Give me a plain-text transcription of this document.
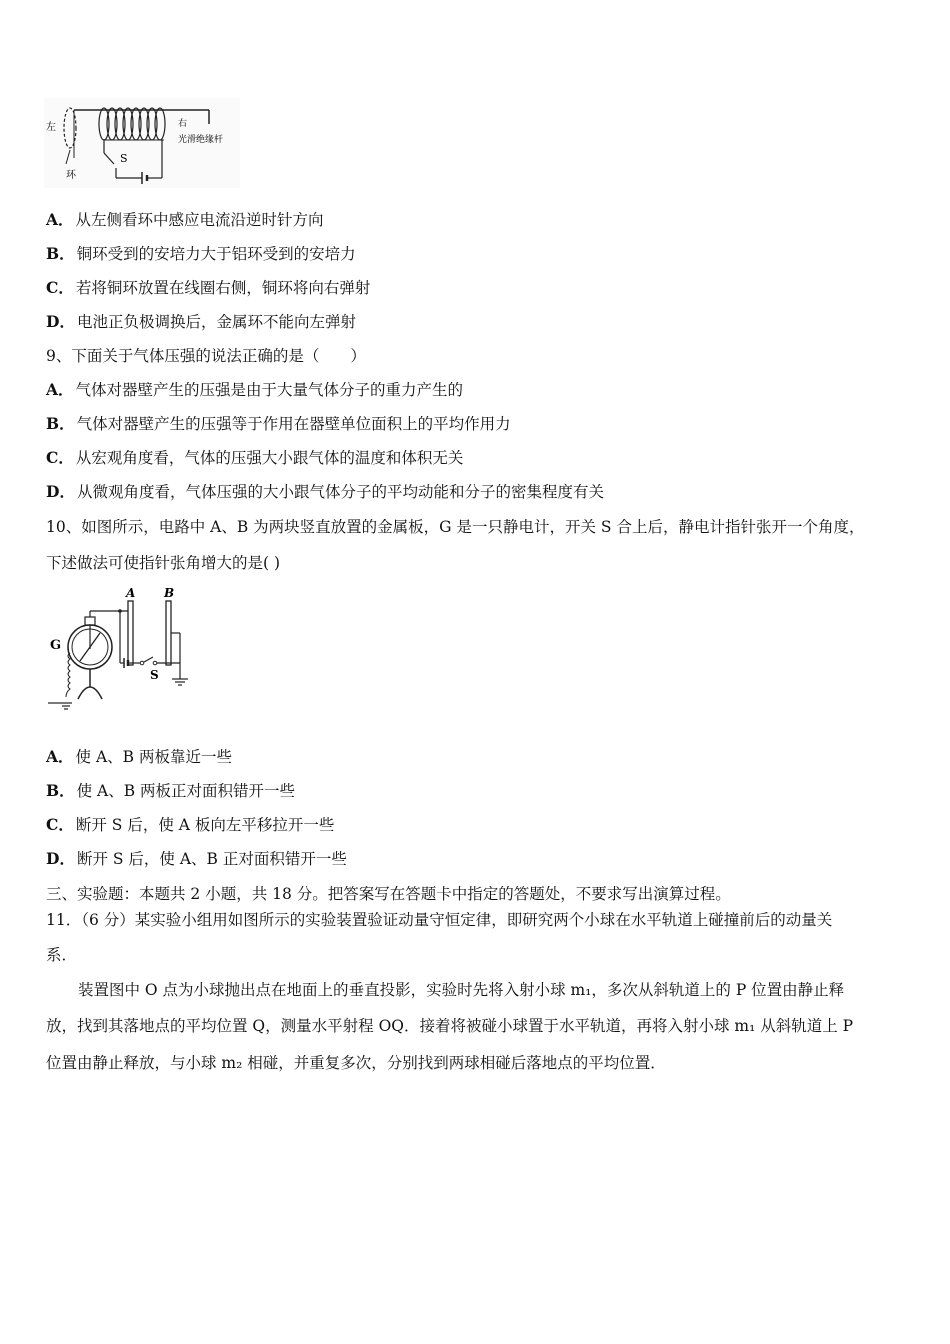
左	右
光滑绝缘杆
环
S
A． 从左侧看环中感应电流沿逆时针方向
B． 铜环受到的安培力大于铝环受到的安培力
C． 若将铜环放置在线圈右侧，铜环将向右弹射
D． 电池正负极调换后，金属环不能向左弹射
9、下面关于气体压强的说法正确的是（　　）
A． 气体对器壁产生的压强是由于大量气体分子的重力产生的
B． 气体对器壁产生的压强等于作用在器壁单位面积上的平均作用力
C． 从宏观角度看，气体的压强大小跟气体的温度和体积无关
D． 从微观角度看，气体压强的大小跟气体分子的平均动能和分子的密集程度有关
10、如图所示，电路中 A、B 为两块竖直放置的金属板，G 是一只静电计，开关 S 合上后，静电计指针张开一个角度，
下述做法可使指针张角增大的是( )
A B
S
G
A． 使 A、B 两板靠近一些
B． 使 A、B 两板正对面积错开一些
C． 断开 S 后，使 A 板向左平移拉开一些
D． 断开 S 后，使 A、B 正对面积错开一些
三、实验题：本题共 2 小题，共 18 分。把答案写在答题卡中指定的答题处，不要求写出演算过程。
11．（6 分）某实验小组用如图所示的实验装置验证动量守恒定律，即研究两个小球在水平轨道上碰撞前后的动量关
系．
装置图中 O 点为小球抛出点在地面上的垂直投影，实验时先将入射小球 m₁，多次从斜轨道上的 P 位置由静止释
放，找到其落地点的平均位置 Q，测量水平射程 OQ．接着将被碰小球置于水平轨道，再将入射小球 m₁ 从斜轨道上 P
位置由静止释放，与小球 m₂ 相碰，并重复多次，分别找到两球相碰后落地点的平均位置．
